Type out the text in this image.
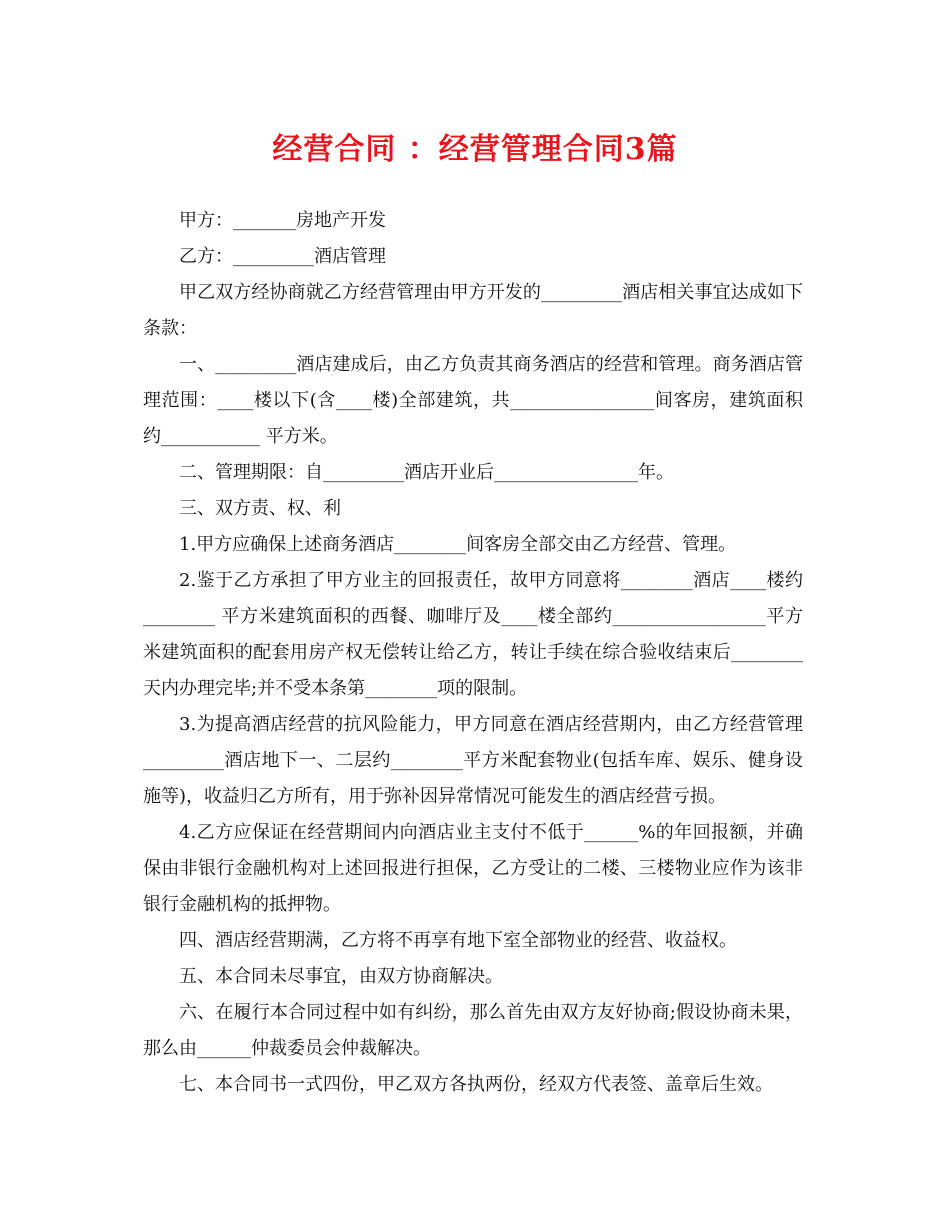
经营合同 ：经营管理合同3篇

甲方：_______房地产开发

乙方：_________酒店管理

甲乙双方经协商就乙方经营管理由甲方开发的_________酒店相关事宜达成如下条款：

一、_________酒店建成后，由乙方负责其商务酒店的经营和管理。商务酒店管理范围：____楼以下(含____楼)全部建筑，共________________间客房，建筑面积约___________ 平方米。

二、管理期限：自_________酒店开业后________________年。

三、双方责、权、利

1.甲方应确保上述商务酒店________间客房全部交由乙方经营、管理。

2.鉴于乙方承担了甲方业主的回报责任，故甲方同意将________酒店____楼约________ 平方米建筑面积的西餐、咖啡厅及____楼全部约_________________平方米建筑面积的配套用房产权无偿转让给乙方，转让手续在综合验收结束后________天内办理完毕;并不受本条第________项的限制。

3.为提高酒店经营的抗风险能力，甲方同意在酒店经营期内，由乙方经营管理_________酒店地下一、二层约________平方米配套物业(包括车库、娱乐、健身设施等)，收益归乙方所有，用于弥补因异常情况可能发生的酒店经营亏损。

4.乙方应保证在经营期间内向酒店业主支付不低于______%的年回报额，并确保由非银行金融机构对上述回报进行担保，乙方受让的二楼、三楼物业应作为该非银行金融机构的抵押物。

四、酒店经营期满，乙方将不再享有地下室全部物业的经营、收益权。

五、本合同未尽事宜，由双方协商解决。

六、在履行本合同过程中如有纠纷，那么首先由双方友好协商;假设协商未果，那么由______仲裁委员会仲裁解决。

七、本合同书一式四份，甲乙双方各执两份，经双方代表签、盖章后生效。
